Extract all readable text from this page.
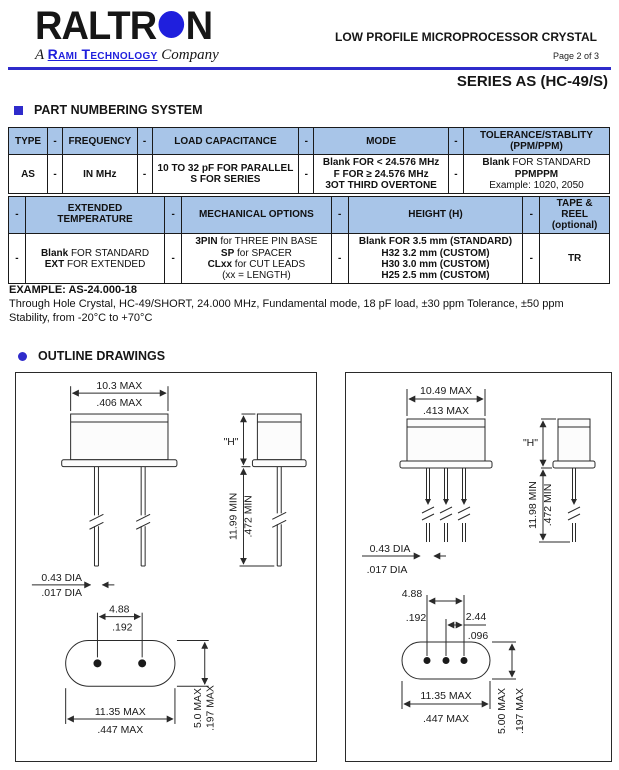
RALTR N
A Rami Technology Company
LOW PROFILE MICROPROCESSOR CRYSTAL
Page 2 of 3
SERIES AS (HC-49/S)
PART NUMBERING SYSTEM
TYPE	-	FREQUENCY	-	LOAD CAPACITANCE	-	MODE	-	TOLERANCE/STABLITY
(PPM/PPM)

AS	-	IN MHz	-	
10 TO 32 pF FOR PARALLEL
S FOR SERIES
	-	
Blank FOR < 24.576 MHz
F FOR ≥ 24.576 MHz
3OT THIRD OVERTONE
	-	
Blank FOR STANDARD
PPMPPM
Example: 1020, 2050
-	EXTENDED
TEMPERATURE	-	MECHANICAL OPTIONS	-	HEIGHT (H)	-	
TAPE &
REEL
(optional)

-	
Blank FOR STANDARD
EXT FOR EXTENDED
	-	
3PIN for THREE PIN BASE
SP for SPACER
CLxx for CUT LEADS
(xx = LENGTH)
	-	
Blank FOR 3.5 mm (STANDARD)
H32 3.2 mm (CUSTOM)
H30 3.0 mm (CUSTOM)
H25 2.5 mm (CUSTOM)
	-	TR
EXAMPLE: AS-24.000-18
Through Hole Crystal, HC-49/SHORT, 24.000 MHz, Fundamental mode, 18 pF load, ±30 ppm Tolerance, ±50 ppm
Stability, from -20°C to +70°C
OUTLINE DRAWINGS
10.3 MAX
.406 MAX
"H"
11.99 MIN .472 MIN
0.43 DIA
.017 DIA
4.88
.192
11.35 MAX
.447 MAX
5.0 MAX .197 MAX
10.49 MAX
.413 MAX
"H"
11.98 MIN .472 MIN
0.43 DIA
.017 DIA
4.88
.192	2.44
.096
11.35 MAX
.447 MAX	5.00 MAX .197 MAX
